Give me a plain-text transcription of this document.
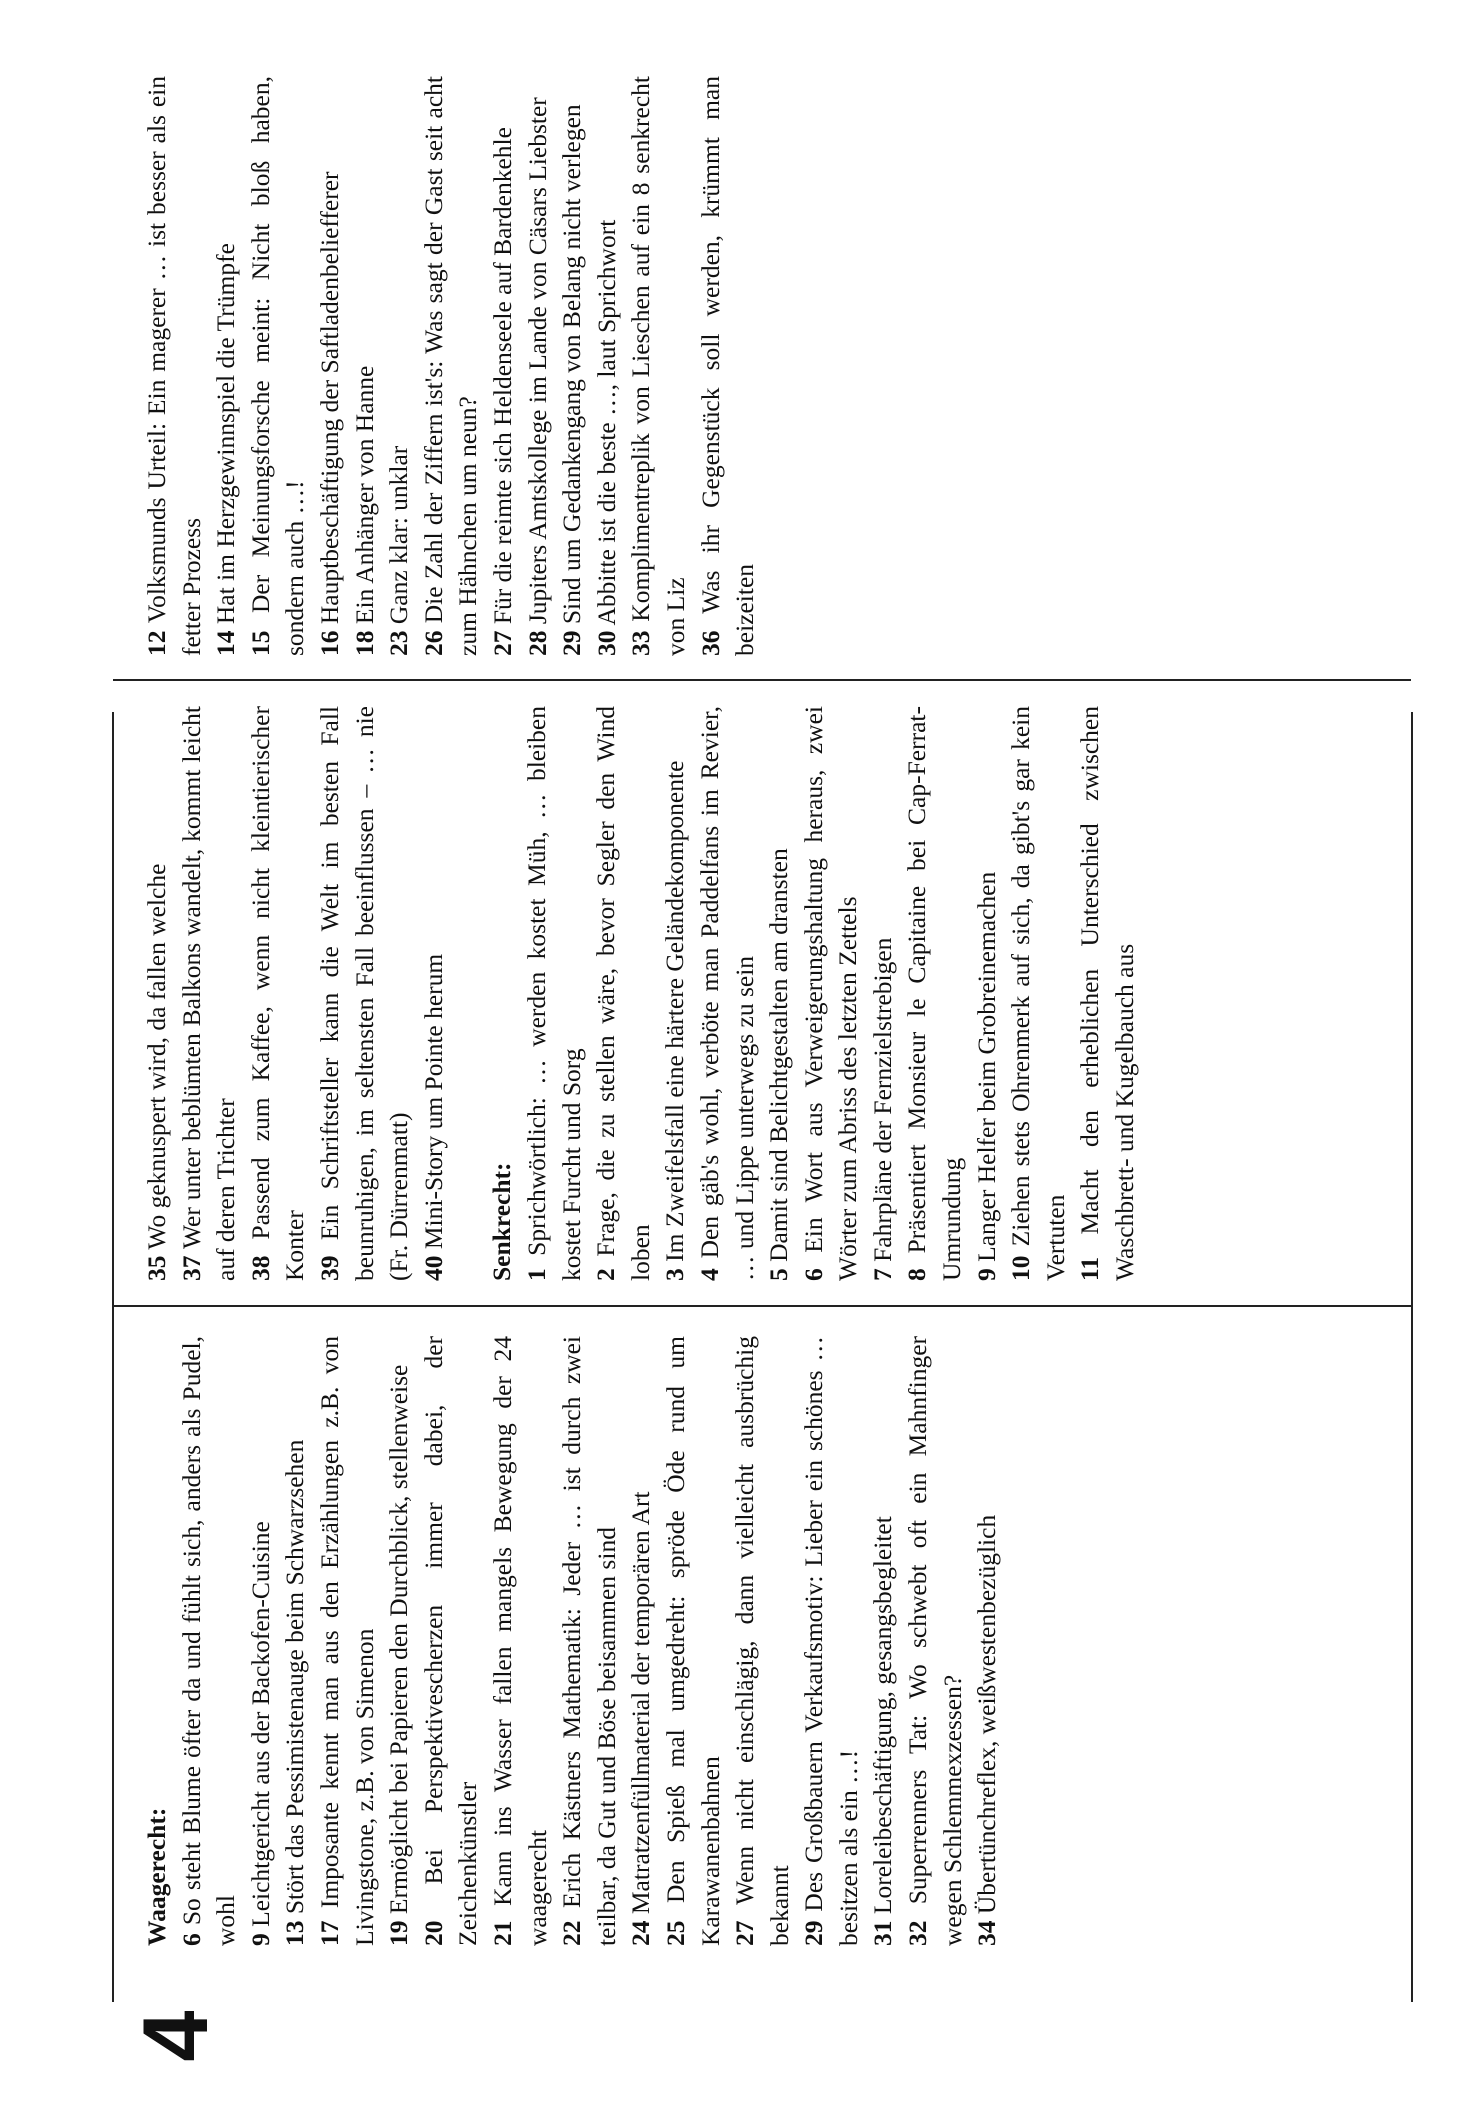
4
Waagerecht: 6 So steht Blume öfter da und fühlt sich, anders als Pudel, wohl 9 Leichtgericht aus der Backofen-Cuisine
13 Stört das Pessimistenauge beim Schwarzsehen
17 Imposante kennt man aus den Erzählungen z.B. von Livingstone, z.B. von Simenon 19 Ermöglicht bei Papieren den Durchblick, stellenweise
20 Bei Perspektivescherzen immer dabei, der Zeichenkünstler 21 Kann ins Wasser fallen mangels Bewegung der 24 waagerecht 22 Erich Kästners Mathematik: Jeder … ist durch zwei teilbar, da Gut und Böse beisammen sind 24 Matratzenfüllmaterial der temporären Art
25 Den Spieß mal umgedreht: spröde Öde rund um Karawanenbahnen 27 Wenn nicht einschlägig, dann vielleicht ausbrüchig bekannt 29 Des Großbauern Verkaufsmotiv: Lieber ein schönes … besitzen als ein …! 31 Loreleibeschäftigung, gesangsbegleitet
32 Superrenners Tat: Wo schwebt oft ein Mahnfinger wegen Schlemmexzessen? 34 Übertünchreflex, weißwestenbezüglich
35 Wo geknuspert wird, da fallen welche
37 Wer unter beblümten Balkons wandelt, kommt leicht auf deren Trichter 38 Passend zum Kaffee, wenn nicht kleintierischer Konter 39 Ein Schriftsteller kann die Welt im besten Fall beunruhigen, im seltensten Fall beeinflussen – … nie (Fr. Dürrenmatt) 40 Mini-Story um Pointe herum Senkrecht: 1 Sprichwörtlich: … werden kostet Müh, … bleiben kostet Furcht und Sorg 2 Frage, die zu stellen wäre, bevor Segler den Wind loben 3 Im Zweifelsfall eine härtere Geländekomponente
4 Den gäb's wohl, verböte man Paddelfans im Revier, … und Lippe unterwegs zu sein 5 Damit sind Belichtgestalten am dransten
6 Ein Wort aus Verweigerungshaltung heraus, zwei Wörter zum Abriss des letzten Zettels 7 Fahrpläne der Fernzielstrebigen
8 Präsentiert Monsieur le Capitaine bei Cap-Ferrat-Umrundung 9 Langer Helfer beim Grobreinemachen
10 Ziehen stets Ohrenmerk auf sich, da gibt's gar kein Vertuten 11 Macht den erheblichen Unterschied zwischen Waschbrett- und Kugelbauch aus
12 Volksmunds Urteil: Ein magerer … ist besser als ein fetter Prozess 14 Hat im Herzgewinnspiel die Trümpfe
15 Der Meinungsforsche meint: Nicht bloß haben, sondern auch …! 16 Hauptbeschäftigung der Saftladenbeliefferer
18 Ein Anhänger von Hanne
23 Ganz klar: unklar
26 Die Zahl der Ziffern ist's: Was sagt der Gast seit acht zum Hähnchen um neun? 27 Für die reimte sich Heldenseele auf Bardenkehle
28 Jupiters Amtskollege im Lande von Cäsars Liebster
29 Sind um Gedankengang von Belang nicht verlegen
30 Abbitte ist die beste …, laut Sprichwort
33 Komplimentreplik von Lieschen auf ein 8 senkrecht von Liz 36 Was ihr Gegenstück soll werden, krümmt man beizeiten
